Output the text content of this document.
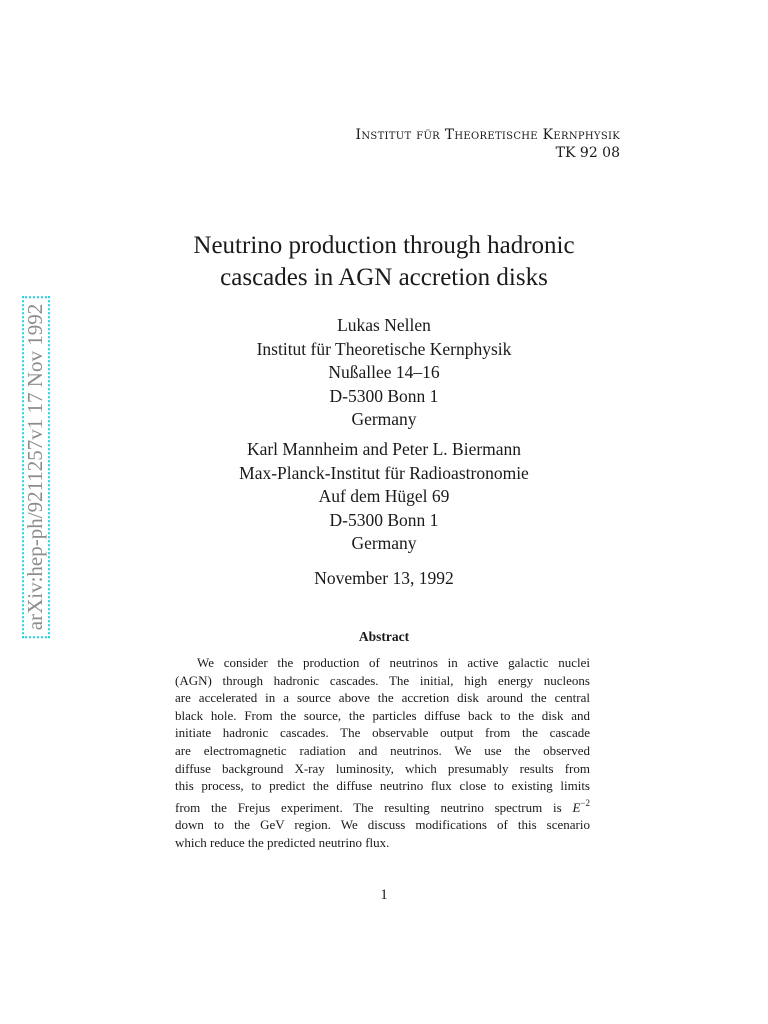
arXiv:hep-ph/9211257v1 17 Nov 1992
Institut für Theoretische Kernphysik
TK 92 08
Neutrino production through hadronic
cascades in AGN accretion disks
Lukas Nellen
Institut für Theoretische Kernphysik
Nußallee 14–16
D-5300 Bonn 1
Germany
Karl Mannheim and Peter L. Biermann
Max-Planck-Institut für Radioastronomie
Auf dem Hügel 69
D-5300 Bonn 1
Germany
November 13, 1992
Abstract
We consider the production of neutrinos in active galactic nuclei
(AGN) through hadronic cascades. The initial, high energy nucleons
are accelerated in a source above the accretion disk around the central
black hole. From the source, the particles diffuse back to the disk and
initiate hadronic cascades. The observable output from the cascade
are electromagnetic radiation and neutrinos. We use the observed
diffuse background X-ray luminosity, which presumably results from
this process, to predict the diffuse neutrino flux close to existing limits
from the Frejus experiment. The resulting neutrino spectrum is $E^{-2}$
down to the GeV region. We discuss modifications of this scenario
which reduce the predicted neutrino flux.
1
